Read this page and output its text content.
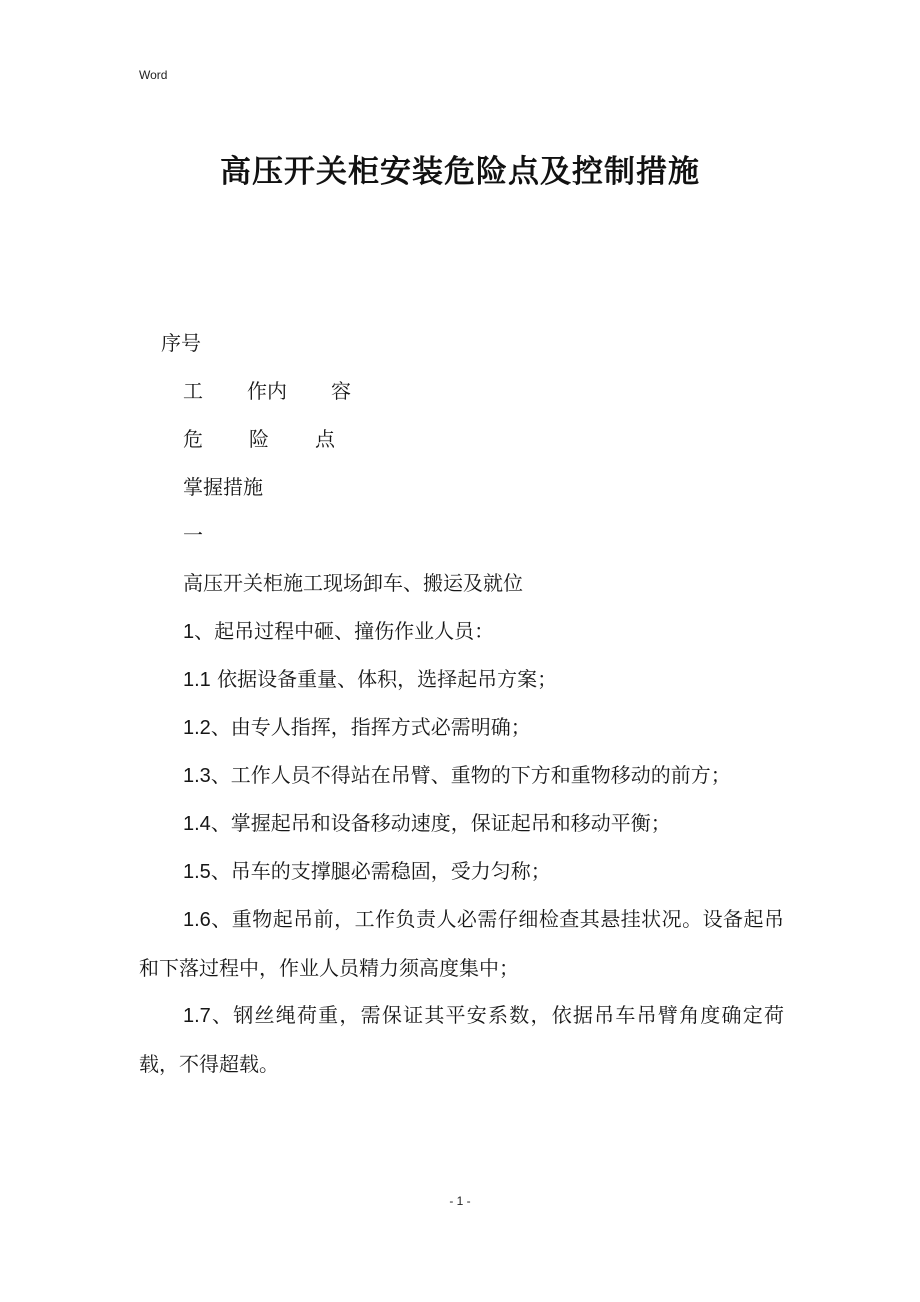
Word
高压开关柜安装危险点及控制措施
序号
工 作内 容
危 险 点
掌握措施
一
高压开关柜施工现场卸车、搬运及就位
1、起吊过程中砸、撞伤作业人员：
1.1 依据设备重量、体积，选择起吊方案；
1.2、由专人指挥，指挥方式必需明确；
1.3、工作人员不得站在吊臂、重物的下方和重物移动的前方；
1.4、掌握起吊和设备移动速度，保证起吊和移动平衡；
1.5、吊车的支撑腿必需稳固，受力匀称；
1.6、重物起吊前，工作负责人必需仔细检查其悬挂状况。设备起吊和下落过程中，作业人员精力须高度集中；
1.7、钢丝绳荷重，需保证其平安系数，依据吊车吊臂角度确定荷载，不得超载。
- 1 -
